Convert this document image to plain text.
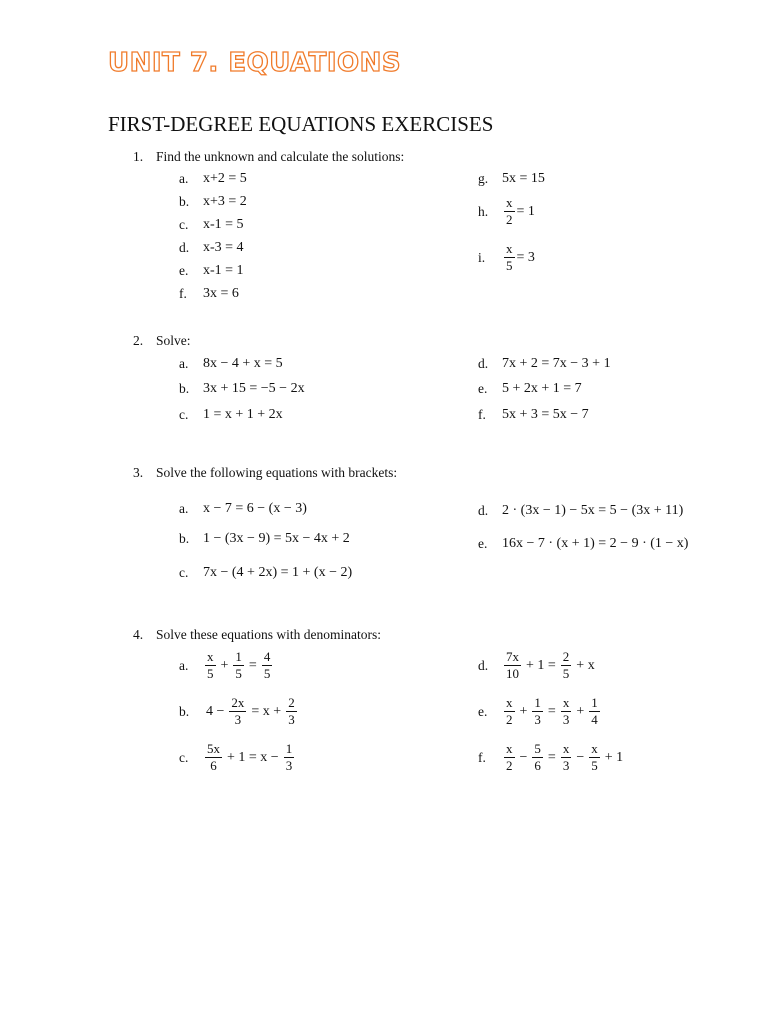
UNIT 7. EQUATIONS
FIRST-DEGREE EQUATIONS EXERCISES
1. Find the unknown and calculate the solutions:
a.	x+2 = 5
b. x+3 = 2
c.	x-1 = 5
d. x-3 = 4
e.	x-1 = 1
f.	3x = 6
g. 5x = 15
h.	$\frac{x}{2} = 1$
i.	$\frac{x}{5} = 3$
2. Solve:
a.	8x − 4 + x = 5
b. 3x + 15 = −5 − 2x
c.	1 = x + 1 + 2x
d. 7x + 2 = 7x − 3 + 1
e.	5 + 2x + 1 = 7
f.	5x + 3 = 5x − 7
3. Solve the following equations with brackets:
a.	x − 7 = 6 − (x − 3)
b. 1 − (3x − 9) = 5x − 4x + 2
c.	7x − (4 + 2x) = 1 + (x − 2)
d. 2 · (3x − 1) − 5x = 5 − (3x + 11)
e.	16x − 7 · (x + 1) = 2 − 9 · (1 − x)
4. Solve these equations with denominators:
a.	$\frac{x}{5} + \frac{1}{5} = \frac{4}{5}$
b.	$4 - \frac{2x}{3} = x + \frac{2}{3}$
c.	$\frac{5x}{6} + 1 = x - \frac{1}{3}$
d.	$\frac{7x}{10} + 1 = \frac{2}{5} + x$
e.	$\frac{x}{2} + \frac{1}{3} = \frac{x}{3} + \frac{1}{4}$
f.	$\frac{x}{2} - \frac{5}{6} = \frac{x}{3} - \frac{x}{5} + 1$
